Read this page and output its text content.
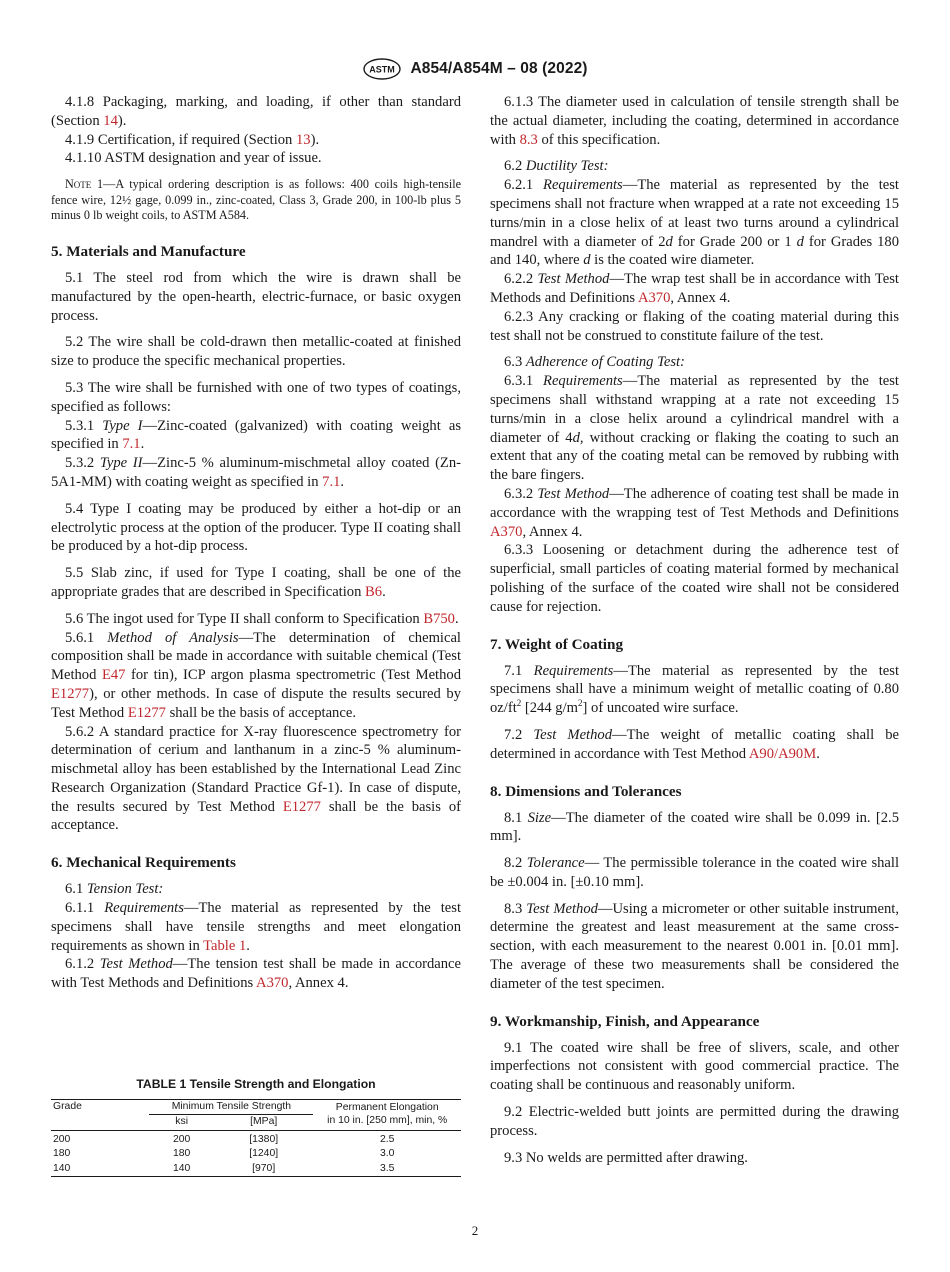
ASTM A854/A854M – 08 (2022)

4.1.8 Packaging, marking, and loading, if other than standard (Section 14).

4.1.9 Certification, if required (Section 13).

4.1.10 ASTM designation and year of issue.

Note 1—A typical ordering description is as follows: 400 coils high-tensile fence wire, 12½ gage, 0.099 in., zinc-coated, Class 3, Grade 200, in 100-lb plus 5 minus 0 lb weight coils, to ASTM A584.

5. Materials and Manufacture

5.1 The steel rod from which the wire is drawn shall be manufactured by the open-hearth, electric-furnace, or basic oxygen process.

5.2 The wire shall be cold-drawn then metallic-coated at finished size to produce the specific mechanical properties.

5.3 The wire shall be furnished with one of two types of coatings, specified as follows:

5.3.1 Type I—Zinc-coated (galvanized) with coating weight as specified in 7.1.

5.3.2 Type II—Zinc-5 % aluminum-mischmetal alloy coated (Zn-5A1-MM) with coating weight as specified in 7.1.

5.4 Type I coating may be produced by either a hot-dip or an electrolytic process at the option of the producer. Type II coating shall be produced by a hot-dip process.

5.5 Slab zinc, if used for Type I coating, shall be one of the appropriate grades that are described in Specification B6.

5.6 The ingot used for Type II shall conform to Specification B750.

5.6.1 Method of Analysis—The determination of chemical composition shall be made in accordance with suitable chemical (Test Method E47 for tin), ICP argon plasma spectrometric (Test Method E1277), or other methods. In case of dispute the results secured by Test Method E1277 shall be the basis of acceptance.

5.6.2 A standard practice for X-ray fluorescence spectrometry for determination of cerium and lanthanum in a zinc-5 % aluminum-mischmetal alloy has been established by the International Lead Zinc Research Organization (Standard Practice Gf-1). In case of dispute, the results secured by Test Method E1277 shall be the basis of acceptance.

6. Mechanical Requirements

6.1 Tension Test:

6.1.1 Requirements—The material as represented by the test specimens shall have tensile strengths and meet elongation requirements as shown in Table 1.

6.1.2 Test Method—The tension test shall be made in accordance with Test Methods and Definitions A370, Annex 4.

TABLE 1 Tensile Strength and Elongation
Grade	Minimum Tensile Strength		Permanent Elongation
in 10 in. [250 mm], min, %
	ksi	[MPa]	

200	200	[1380]	2.5
180	180	[1240]	3.0
140	140	[970]	3.5

6.1.3 The diameter used in calculation of tensile strength shall be the actual diameter, including the coating, determined in accordance with 8.3 of this specification.

6.2 Ductility Test:

6.2.1 Requirements—The material as represented by the test specimens shall not fracture when wrapped at a rate not exceeding 15 turns/min in a close helix of at least two turns around a cylindrical mandrel with a diameter of 2d for Grade 200 or 1 d for Grades 180 and 140, where d is the coated wire diameter.

6.2.2 Test Method—The wrap test shall be in accordance with Test Methods and Definitions A370, Annex 4.

6.2.3 Any cracking or flaking of the coating material during this test shall not be construed to constitute failure of the test.

6.3 Adherence of Coating Test:

6.3.1 Requirements—The material as represented by the test specimens shall withstand wrapping at a rate not exceeding 15 turns/min in a close helix around a cylindrical mandrel with a diameter of 4d, without cracking or flaking the coating to such an extent that any of the coating metal can be removed by rubbing with the bare fingers.

6.3.2 Test Method—The adherence of coating test shall be made in accordance with the wrapping test of Test Methods and Definitions A370, Annex 4.

6.3.3 Loosening or detachment during the adherence test of superficial, small particles of coating material formed by mechanical polishing of the surface of the coated wire shall not be considered cause for rejection.

7. Weight of Coating

7.1 Requirements—The material as represented by the test specimens shall have a minimum weight of metallic coating of 0.80 $oz/ft^2$ [244 $g/m^2$] of uncoated wire surface.

7.2 Test Method—The weight of metallic coating shall be determined in accordance with Test Method A90/A90M.

8. Dimensions and Tolerances

8.1 Size—The diameter of the coated wire shall be 0.099 in. [2.5 mm].

8.2 Tolerance— The permissible tolerance in the coated wire shall be ±0.004 in. [±0.10 mm].

8.3 Test Method—Using a micrometer or other suitable instrument, determine the greatest and least measurement at the same cross-section, with each measurement to the nearest 0.001 in. [0.01 mm]. The average of these two measurements shall be considered the diameter of the test specimen.

9. Workmanship, Finish, and Appearance

9.1 The coated wire shall be free of slivers, scale, and other imperfections not consistent with good commercial practice. The coating shall be continuous and reasonably uniform.

9.2 Electric-welded butt joints are permitted during the drawing process.

9.3 No welds are permitted after drawing.

2
